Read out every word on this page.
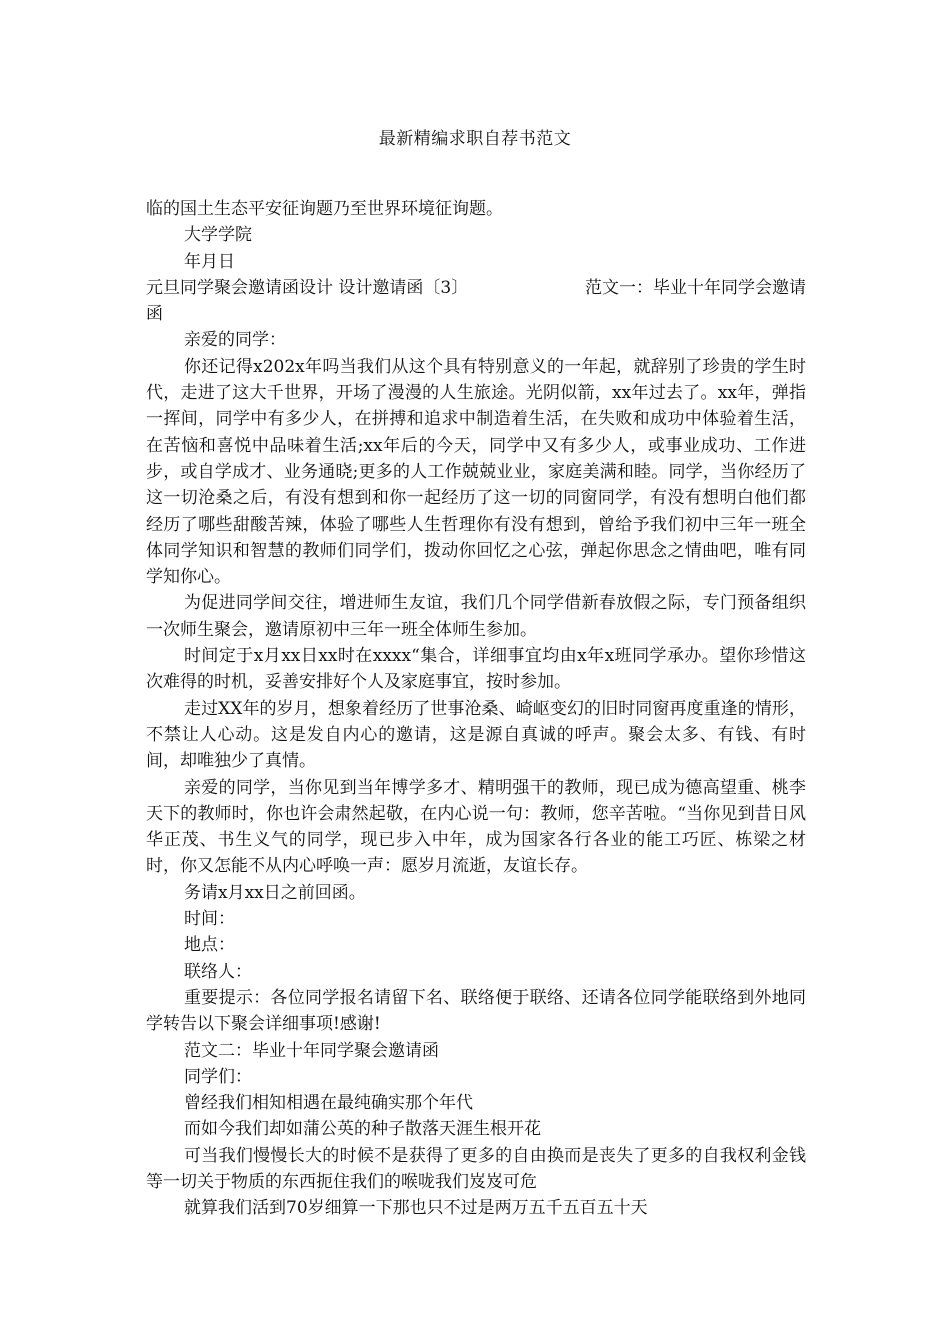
最新精编求职自荐书范文

临的国土生态平安征询题乃至世界环境征询题。

大学学院

年月日

元旦同学聚会邀请函设计 设计邀请函〔3〕	范文一：毕业十年同学会邀请

函

亲爱的同学：

你还记得x202x年吗当我们从这个具有特别意义的一年起，就辞别了珍贵的学生时代，走进了这大千世界，开场了漫漫的人生旅途。光阴似箭，xx年过去了。xx年，弹指一挥间，同学中有多少人，在拼搏和追求中制造着生活，在失败和成功中体验着生活，在苦恼和喜悦中品味着生活;xx年后的今天，同学中又有多少人，或事业成功、工作进步，或自学成才、业务通晓;更多的人工作兢兢业业，家庭美满和睦。同学，当你经历了这一切沧桑之后，有没有想到和你一起经历了这一切的同窗同学，有没有想明白他们都经历了哪些甜酸苦辣，体验了哪些人生哲理你有没有想到，曾给予我们初中三年一班全体同学知识和智慧的教师们同学们，拨动你回忆之心弦，弹起你思念之情曲吧，唯有同学知你心。

为促进同学间交往，增进师生友谊，我们几个同学借新春放假之际，专门预备组织一次师生聚会，邀请原初中三年一班全体师生参加。

时间定于x月xx日xx时在xxxx“集合，详细事宜均由x年x班同学承办。望你珍惜这次难得的时机，妥善安排好个人及家庭事宜，按时参加。

走过XX年的岁月，想象着经历了世事沧桑、崎岖变幻的旧时同窗再度重逢的情形，不禁让人心动。这是发自内心的邀请，这是源自真诚的呼声。聚会太多、有钱、有时间，却唯独少了真情。

亲爱的同学，当你见到当年博学多才、精明强干的教师，现已成为德高望重、桃李天下的教师时，你也许会肃然起敬，在内心说一句：教师，您辛苦啦。“当你见到昔日风华正茂、书生义气的同学，现已步入中年，成为国家各行各业的能工巧匠、栋梁之材时，你又怎能不从内心呼唤一声：愿岁月流逝，友谊长存。

务请x月xx日之前回函。

时间：

地点：

联络人：

重要提示：各位同学报名请留下名、联络便于联络、还请各位同学能联络到外地同学转告以下聚会详细事项!感谢!

范文二：毕业十年同学聚会邀请函

同学们：

曾经我们相知相遇在最纯确实那个年代

而如今我们却如蒲公英的种子散落天涯生根开花

可当我们慢慢长大的时候不是获得了更多的自由换而是丧失了更多的自我权利金钱等一切关于物质的东西扼住我们的喉咙我们岌岌可危

就算我们活到70岁细算一下那也只不过是两万五千五百五十天
